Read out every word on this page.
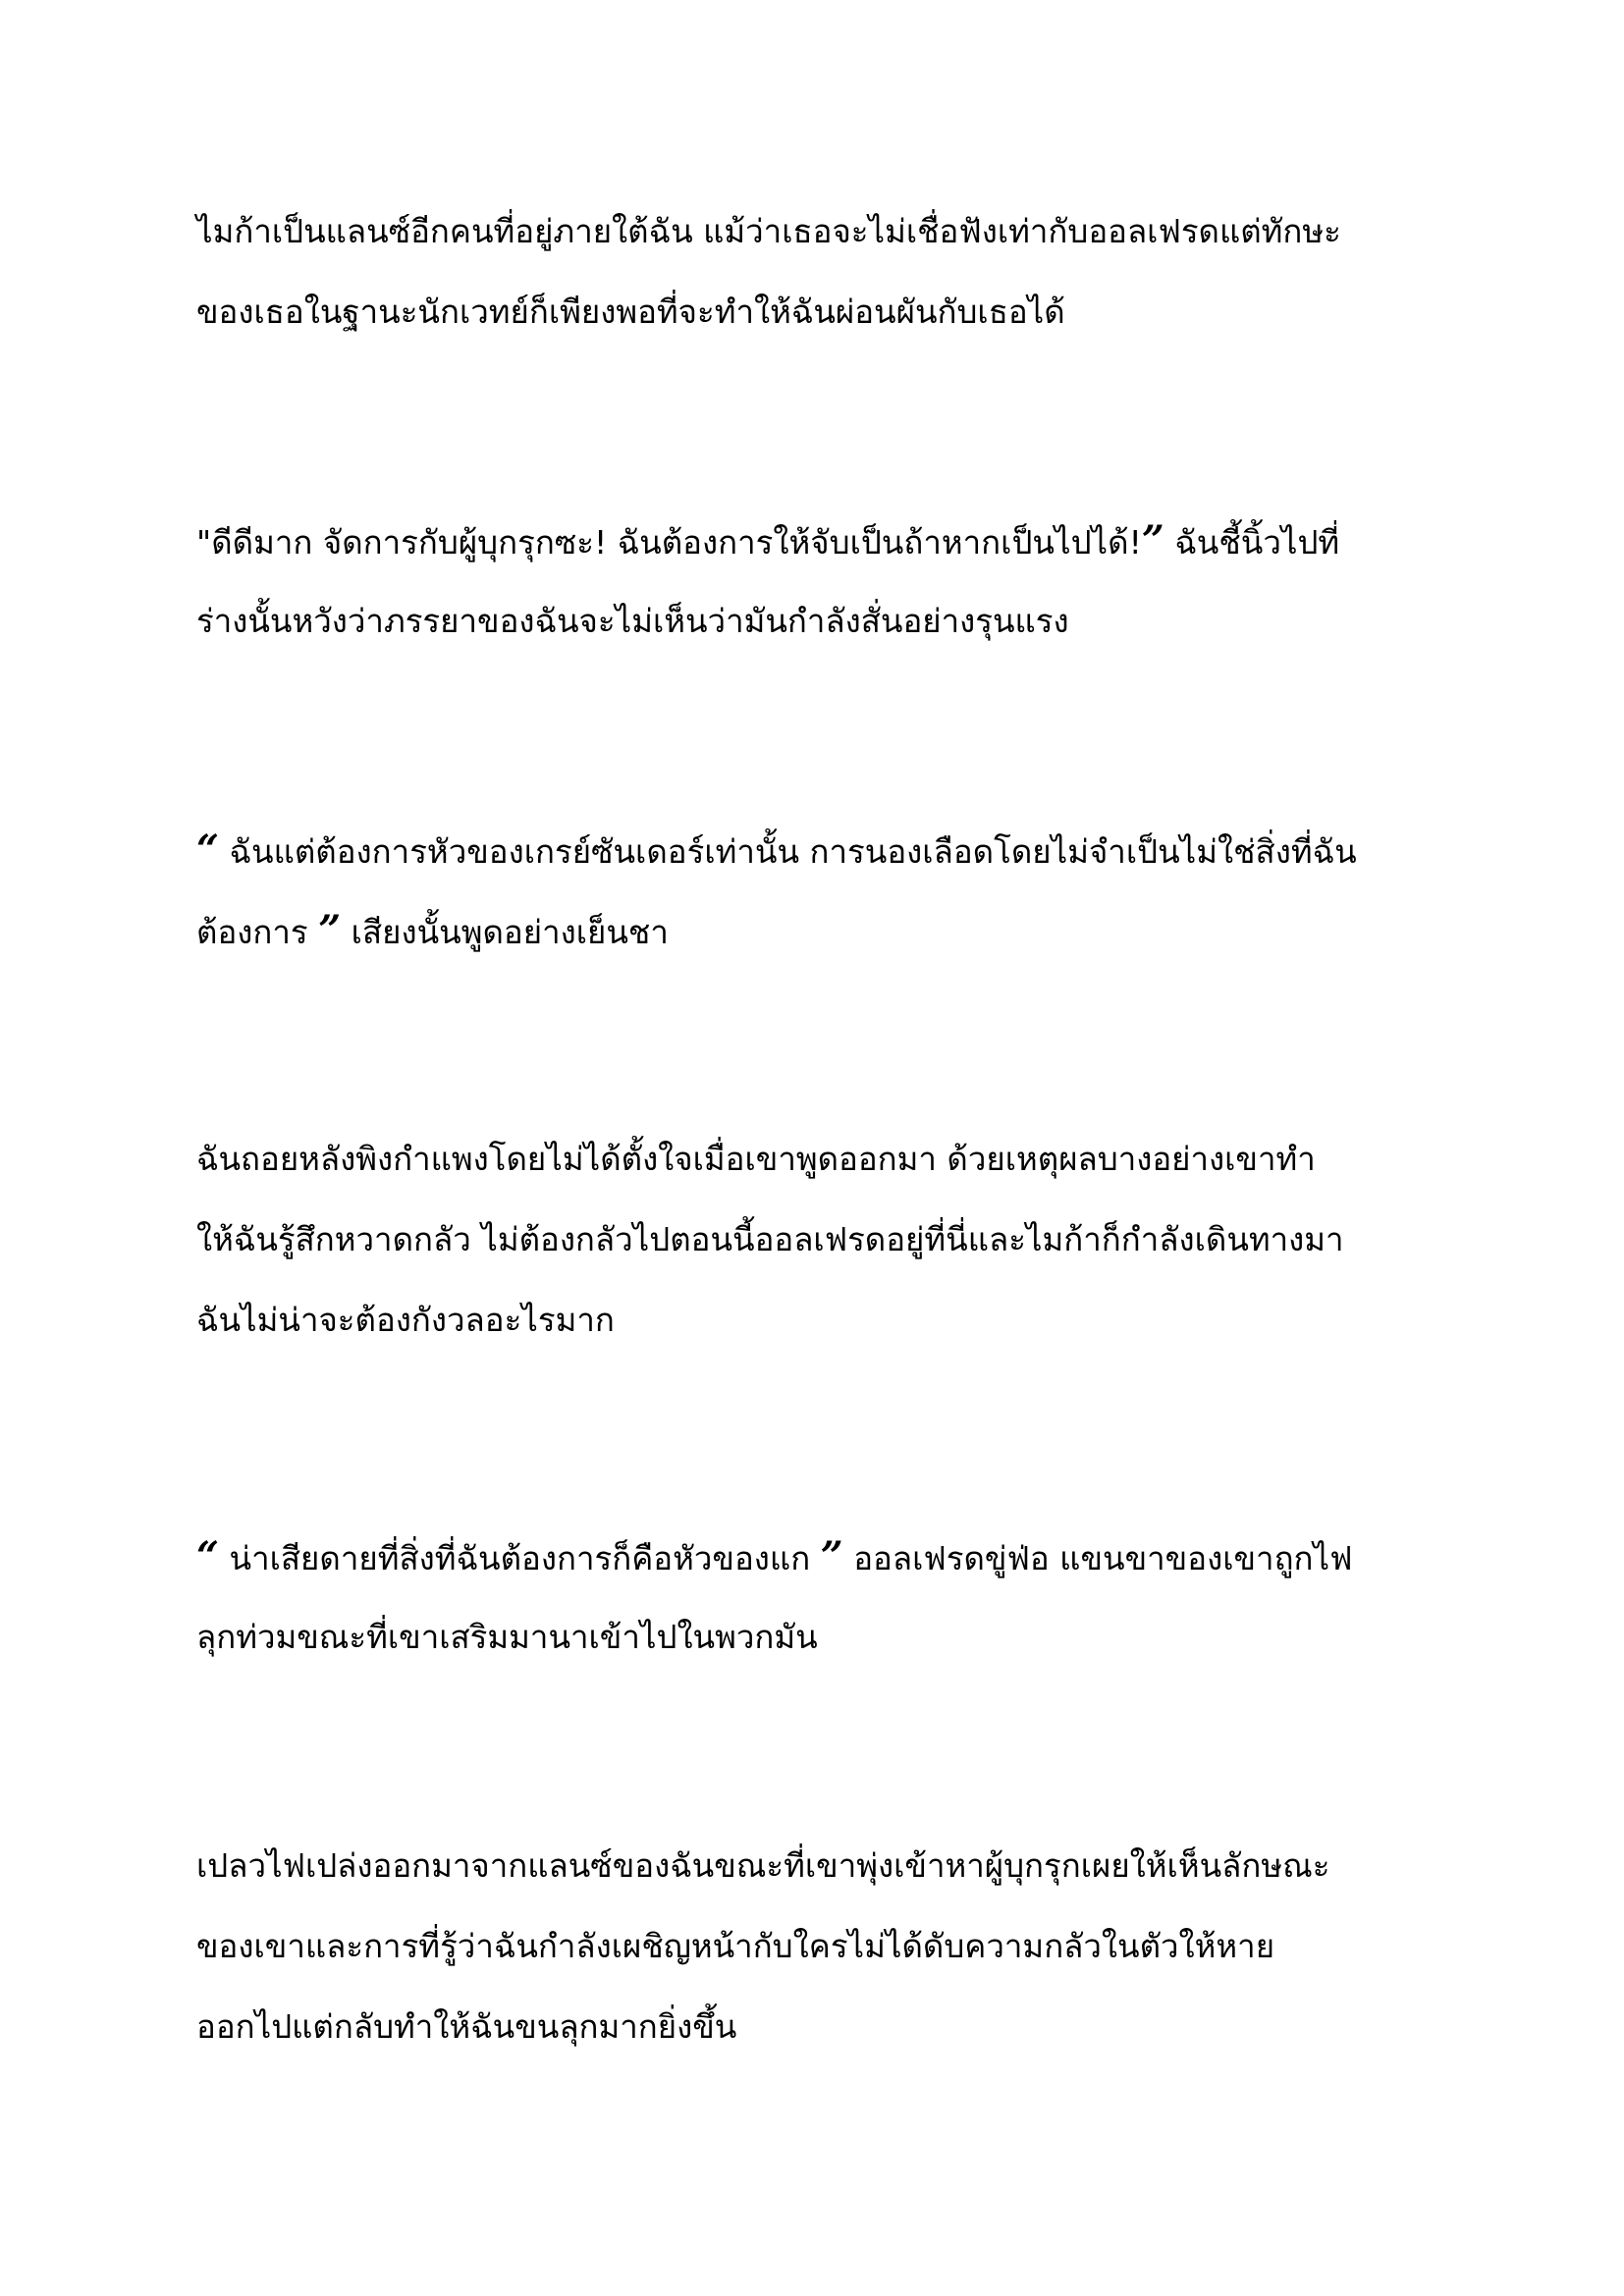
ไมก้าเป็นแลนซ์อีกคนที่อยู่ภายใต้ฉัน แม้ว่าเธอจะไม่เชื่อฟังเท่ากับออลเฟรดแต่ทักษะ
ของเธอในฐานะนักเวทย์ก็เพียงพอที่จะทำให้ฉันผ่อนผันกับเธอได้
"ดดมาก จดการกบผบกรกซะ! ฉนตองการใหจบเปนถาหากเปนไปได!” ฉนชนวไปท
ร่างนั้นหวังว่าภรรยาของฉันจะไม่เห็นว่ามันกำลังสั่นอย่างรุนแรง
“ ฉนแตตองการหวของเกรยซนเดอรเทานน การนองเลอดโดยไมจเปนไมใชสงทฉน
ตองการ ” เสยงนนพดอยางเยนชา
ฉันถอยหลังพิงกำแพงโดยไม่ได้ตั้งใจเมื่อเขาพูดออกมา ด้วยเหตุผลบางอย่างเขาทำ
ให้ฉันรู้สึกหวาดกลัว ไม่ต้องกลัวไปตอนนี้ออลเฟรดอยู่ที่นี่และไมก้าก็กำลังเดินทางมา
ฉันไม่น่าจะต้องกังวลอะไรมาก
“ นาเสยดายทสงทฉนตองการกคอหวของแก ” ออลเฟรดขฟอ แขนขาของเขาถกไฟ
ลุกท่วมขณะที่เขาเสริมมานาเข้าไปในพวกมัน
เปลวไฟเปล่งออกมาจากแลนซ์ของฉันขณะที่เขาพุ่งเข้าหาผู้บุกรุกเผยให้เห็นลักษณะ
ของเขาและการที่รู้ว่าฉันกำลังเผชิญหน้ากับใครไม่ได้ดับความกลัวในตัวให้หาย
ออกไปแต่กลับทำให้ฉันขนลุกมากยิ่งขึ้น
